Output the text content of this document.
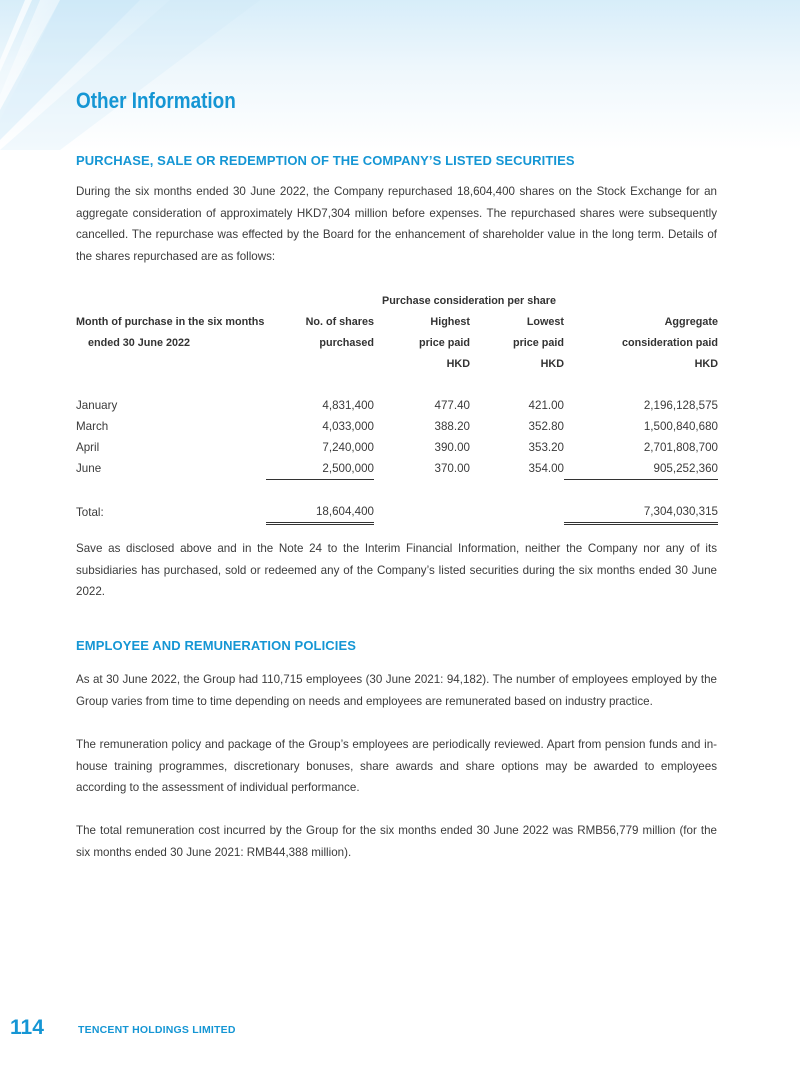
Other Information
PURCHASE, SALE OR REDEMPTION OF THE COMPANY’S LISTED SECURITIES

During the six months ended 30 June 2022, the Company repurchased 18,604,400 shares on the Stock Exchange for an aggregate consideration of approximately HKD7,304 million before expenses. The repurchased shares were subsequently cancelled. The repurchase was effected by the Board for the enhancement of shareholder value in the long term. Details of the shares repurchased are as follows:

		Purchase consideration per share		
Month of purchase in the six months	No. of shares	Highest	Lowest	Aggregate
ended 30 June 2022	purchased	price paid	price paid	consideration paid
		HKD	HKD	HKD

January	4,831,400	477.40	421.00	2,196,128,575
March	4,033,000	388.20	352.80	1,500,840,680
April	7,240,000	390.00	353.20	2,701,808,700
June	2,500,000	370.00	354.00	905,252,360

Total:	18,604,400			7,304,030,315

Save as disclosed above and in the Note 24 to the Interim Financial Information, neither the Company nor any of its subsidiaries has purchased, sold or redeemed any of the Company’s listed securities during the six months ended 30 June 2022.

EMPLOYEE AND REMUNERATION POLICIES

As at 30 June 2022, the Group had 110,715 employees (30 June 2021: 94,182). The number of employees employed by the Group varies from time to time depending on needs and employees are remunerated based on industry practice.

The remuneration policy and package of the Group’s employees are periodically reviewed. Apart from pension funds and in-house training programmes, discretionary bonuses, share awards and share options may be awarded to employees according to the assessment of individual performance.

The total remuneration cost incurred by the Group for the six months ended 30 June 2022 was RMB56,779 million (for the six months ended 30 June 2021: RMB44,388 million).

114	TENCENT HOLDINGS LIMITED
